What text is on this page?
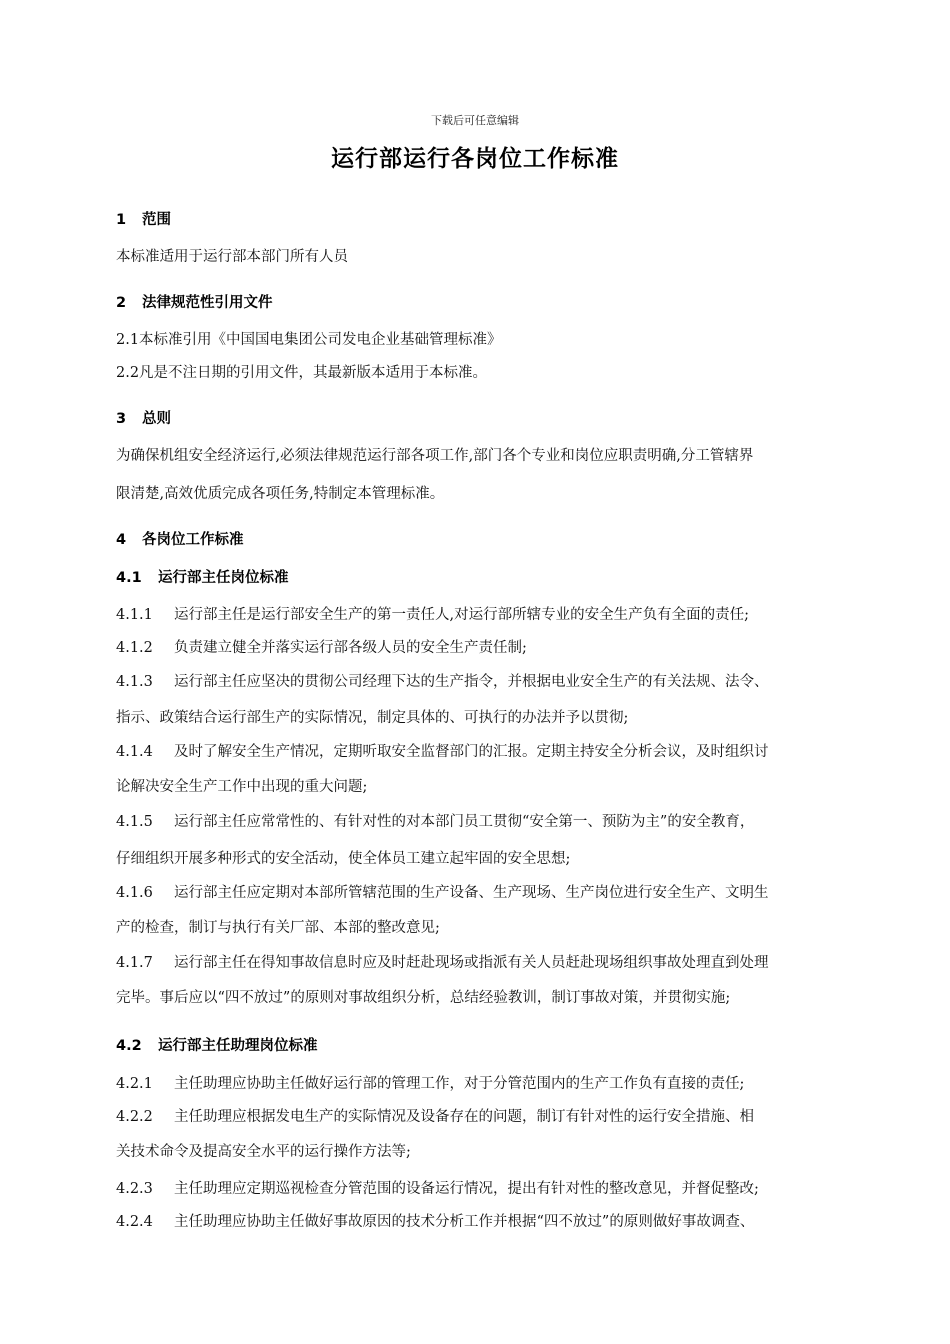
下载后可任意编辑
运行部运行各岗位工作标准
1 范围
本标准适用于运行部本部门所有人员
2 法律规范性引用文件
2.1本标准引用《中国国电集团公司发电企业基础管理标准》
2.2凡是不注日期的引用文件，其最新版本适用于本标准。
3 总则
为确保机组安全经济运行,必须法律规范运行部各项工作,部门各个专业和岗位应职责明确,分工管辖界
限清楚,高效优质完成各项任务,特制定本管理标准。
4 各岗位工作标准
4.1 运行部主任岗位标准
4.1.1 运行部主任是运行部安全生产的第一责任人,对运行部所辖专业的安全生产负有全面的责任;
4.1.2 负责建立健全并落实运行部各级人员的安全生产责任制;
4.1.3 运行部主任应坚决的贯彻公司经理下达的生产指令，并根据电业安全生产的有关法规、法令、
指示、政策结合运行部生产的实际情况，制定具体的、可执行的办法并予以贯彻;
4.1.4 及时了解安全生产情况，定期听取安全监督部门的汇报。定期主持安全分析会议，及时组织讨
论解决安全生产工作中出现的重大问题;
4.1.5 运行部主任应常常性的、有针对性的对本部门员工贯彻“安全第一、预防为主”的安全教育，
仔细组织开展多种形式的安全活动，使全体员工建立起牢固的安全思想;
4.1.6 运行部主任应定期对本部所管辖范围的生产设备、生产现场、生产岗位进行安全生产、文明生
产的检查，制订与执行有关厂部、本部的整改意见;
4.1.7 运行部主任在得知事故信息时应及时赶赴现场或指派有关人员赶赴现场组织事故处理直到处理
完毕。事后应以“四不放过”的原则对事故组织分析，总结经验教训，制订事故对策，并贯彻实施;
4.2 运行部主任助理岗位标准
4.2.1 主任助理应协助主任做好运行部的管理工作，对于分管范围内的生产工作负有直接的责任;
4.2.2 主任助理应根据发电生产的实际情况及设备存在的问题，制订有针对性的运行安全措施、相
关技术命令及提高安全水平的运行操作方法等;
4.2.3 主任助理应定期巡视检查分管范围的设备运行情况，提出有针对性的整改意见，并督促整改;
4.2.4 主任助理应协助主任做好事故原因的技术分析工作并根据“四不放过”的原则做好事故调查、
